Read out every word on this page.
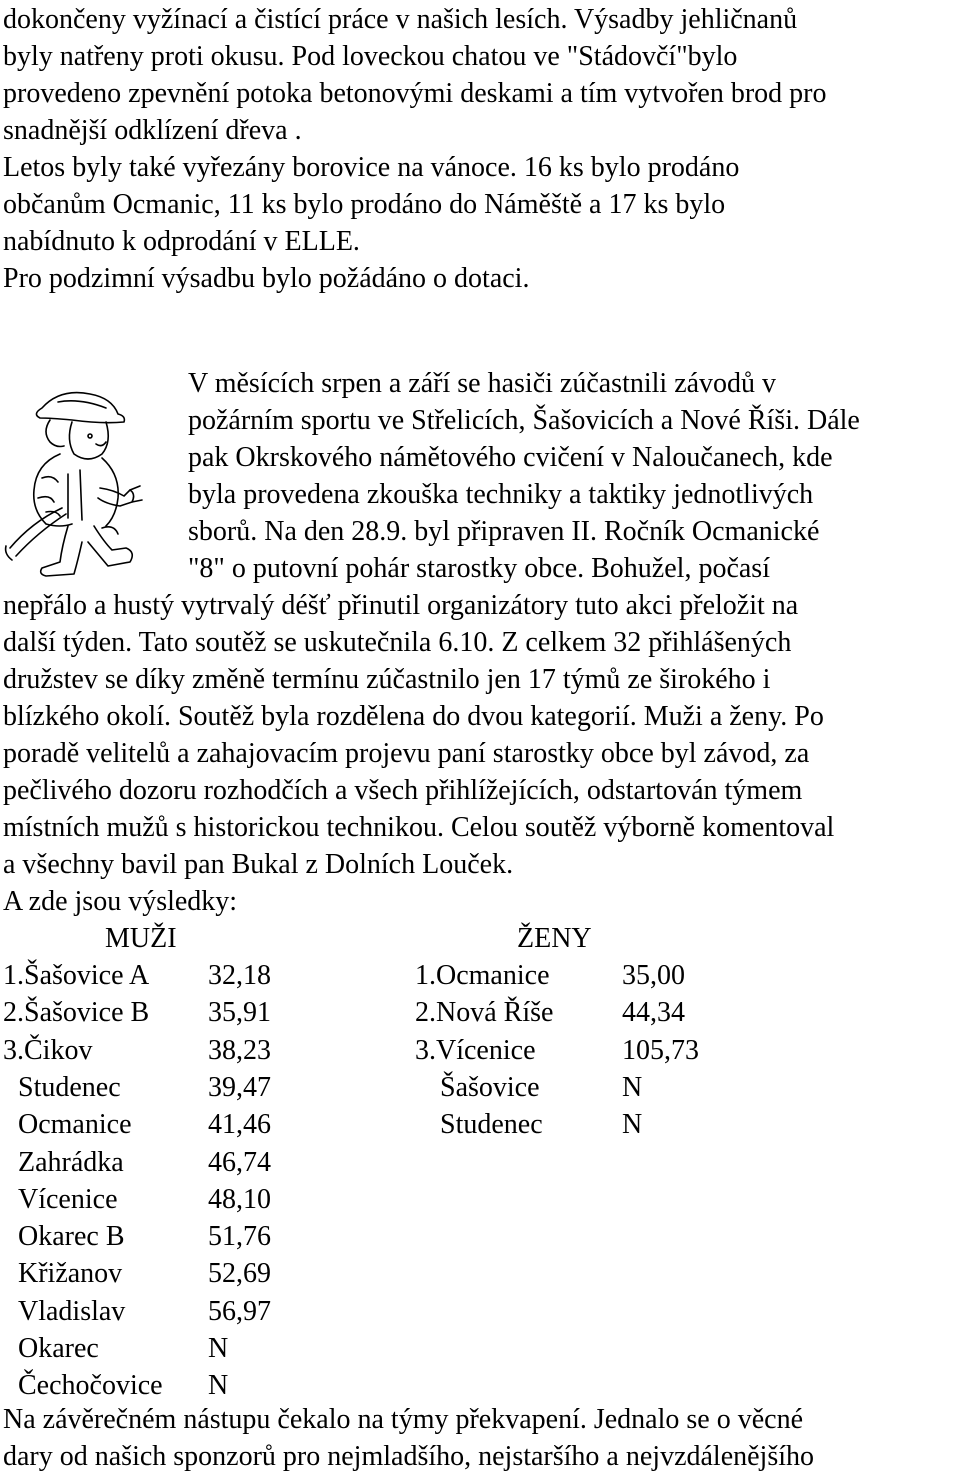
dokončeny vyžínací a čistící práce v našich lesích. Výsadby jehličnanů
byly natřeny proti okusu. Pod loveckou chatou ve "Stádovčí"bylo
provedeno zpevnění potoka betonovými deskami a tím vytvořen brod pro
snadnější odklízení dřeva .
Letos byly také vyřezány borovice na vánoce. 16 ks bylo prodáno
občanům Ocmanic, 11 ks bylo prodáno do Náměště a 17 ks bylo
nabídnuto k odprodání v ELLE.
Pro podzimní výsadbu bylo požádáno o dotaci.
V měsících srpen a září se hasiči zúčastnili závodů v
požárním sportu ve Střelicích, Šašovicích a Nové Říši. Dále
pak Okrskového námětového cvičení v Naloučanech, kde
byla provedena zkouška techniky a taktiky jednotlivých
sborů. Na den 28.9. byl připraven II. Ročník Ocmanické
"8" o putovní pohár starostky obce. Bohužel, počasí
nepřálo a hustý vytrvalý déšť přinutil organizátory tuto akci přeložit na
další týden. Tato soutěž se uskutečnila 6.10. Z celkem 32 přihlášených
družstev se díky změně termínu zúčastnilo jen 17 týmů ze širokého i
blízkého okolí. Soutěž byla rozdělena do dvou kategorií. Muži a ženy. Po
poradě velitelů a zahajovacím projevu paní starostky obce byl závod, za
pečlivého dozoru rozhodčích a všech přihlížejících, odstartován týmem
místních mužů s historickou technikou. Celou soutěž výborně komentoval
a všechny bavil pan Bukal z Dolních Louček.
A zde jsou výsledky:
MUŽI	ŽENY
1.Šašovice A 32,18
2.Šašovice B 35,91
3.Čikov	38,23
Studenec	39,47
Ocmanice	41,46
Zahrádka	46,74
Vícenice	48,10
Okarec B	51,76
Křižanov	52,69
Vladislav	56,97
Okarec	N
Čechočovice N
1.Ocmanice	35,00
2.Nová Říše 44,34
3.Vícenice	105,73
Šašovice	N
Studenec	N
Na závěrečném nástupu čekalo na týmy překvapení. Jednalo se o věcné
dary od našich sponzorů pro nejmladšího, nejstaršího a nejvzdálenějšího
